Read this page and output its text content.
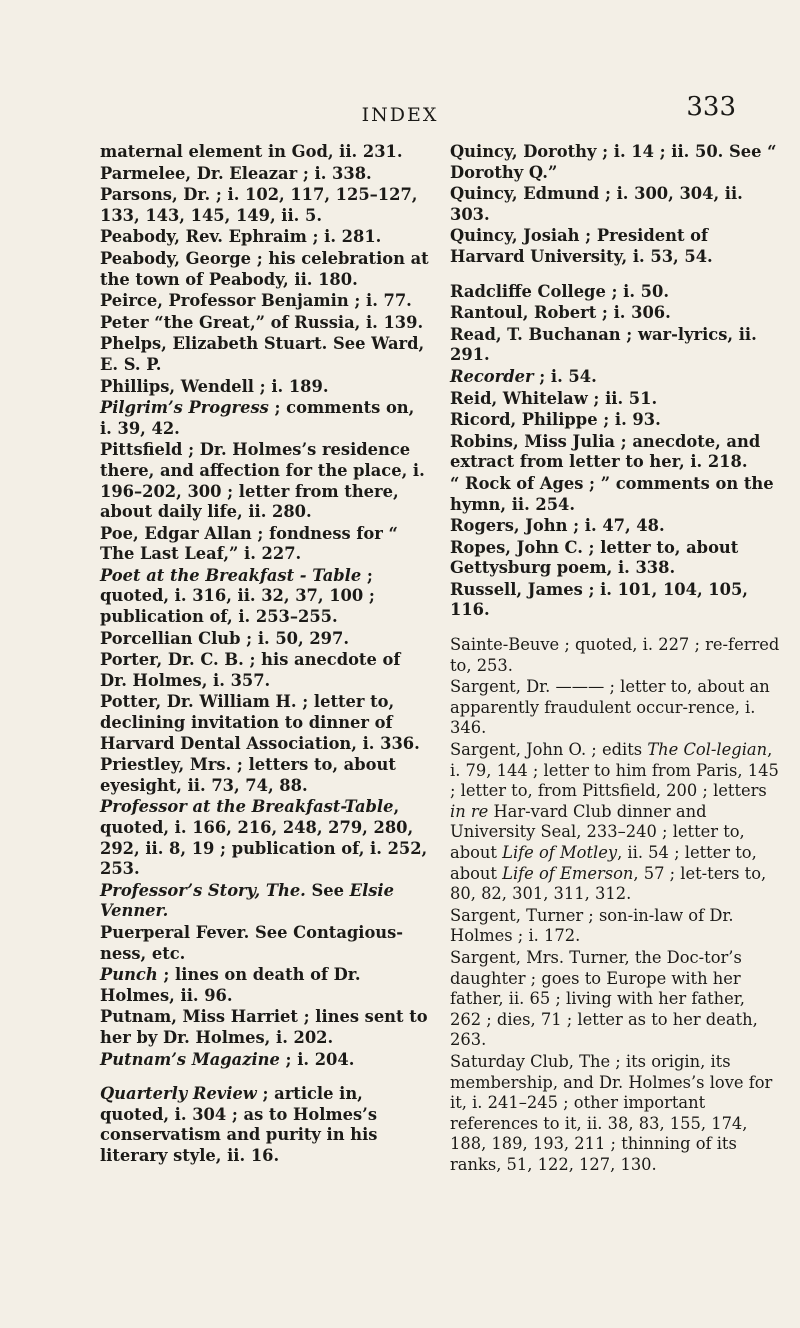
INDEX	333
maternal element in God, ii. 231.
Parmelee, Dr. Eleazar ; i. 338.
Parsons, Dr. ; i. 102, 117, 125–127, 133, 143, 145, 149, ii. 5.
Peabody, Rev. Ephraim ; i. 281.
Peabody, George ; his celebration at the town of Peabody, ii. 180.
Peirce, Professor Benjamin ; i. 77.
Peter “the Great,” of Russia, i. 139.
Phelps, Elizabeth Stuart. See Ward, E. S. P.
Phillips, Wendell ; i. 189.
Pilgrim’s Progress ; comments on, i. 39, 42.
Pittsfield ; Dr. Holmes’s residence there, and affection for the place, i. 196–202, 300 ; letter from there, about daily life, ii. 280.
Poe, Edgar Allan ; fondness for “ The Last Leaf,” i. 227.
Poet at the Breakfast - Table ; quoted, i. 316, ii. 32, 37, 100 ; publication of, i. 253–255.
Porcellian Club ; i. 50, 297.
Porter, Dr. C. B. ; his anecdote of Dr. Holmes, i. 357.
Potter, Dr. William H. ; letter to, declining invitation to dinner of Harvard Dental Association, i. 336.
Priestley, Mrs. ; letters to, about eyesight, ii. 73, 74, 88.
Professor at the Breakfast-Table, quoted, i. 166, 216, 248, 279, 280, 292, ii. 8, 19 ; publication of, i. 252, 253.
Professor’s Story, The. See Elsie Venner.
Puerperal Fever. See Contagious-ness, etc.
Punch ; lines on death of Dr. Holmes, ii. 96.
Putnam, Miss Harriet ; lines sent to her by Dr. Holmes, i. 202.
Putnam’s Magazine ; i. 204.
Quarterly Review ; article in, quoted, i. 304 ; as to Holmes’s conservatism and purity in his literary style, ii. 16.
Quincy, Dorothy ; i. 14 ; ii. 50. See “ Dorothy Q.”
Quincy, Edmund ; i. 300, 304, ii. 303.
Quincy, Josiah ; President of Harvard University, i. 53, 54.
Radcliffe College ; i. 50.
Rantoul, Robert ; i. 306.
Read, T. Buchanan ; war-lyrics, ii. 291.
Recorder ; i. 54.
Reid, Whitelaw ; ii. 51.
Ricord, Philippe ; i. 93.
Robins, Miss Julia ; anecdote, and extract from letter to her, i. 218.
“ Rock of Ages ; ” comments on the hymn, ii. 254.
Rogers, John ; i. 47, 48.
Ropes, John C. ; letter to, about Gettysburg poem, i. 338.
Russell, James ; i. 101, 104, 105, 116.
Sainte-Beuve ; quoted, i. 227 ; re-ferred to, 253.
Sargent, Dr. ——— ; letter to, about an apparently fraudulent occur-rence, i. 346.
Sargent, John O. ; edits The Col-legian, i. 79, 144 ; letter to him from Paris, 145 ; letter to, from Pittsfield, 200 ; letters in re Har-vard Club dinner and University Seal, 233–240 ; letter to, about Life of Motley, ii. 54 ; letter to, about Life of Emerson, 57 ; let-ters to, 80, 82, 301, 311, 312.
Sargent, Turner ; son-in-law of Dr. Holmes ; i. 172.
Sargent, Mrs. Turner, the Doc-tor’s daughter ; goes to Europe with her father, ii. 65 ; living with her father, 262 ; dies, 71 ; letter as to her death, 263.
Saturday Club, The ; its origin, its membership, and Dr. Holmes’s love for it, i. 241–245 ; other important references to it, ii. 38, 83, 155, 174, 188, 189, 193, 211 ; thinning of its ranks, 51, 122, 127, 130.
